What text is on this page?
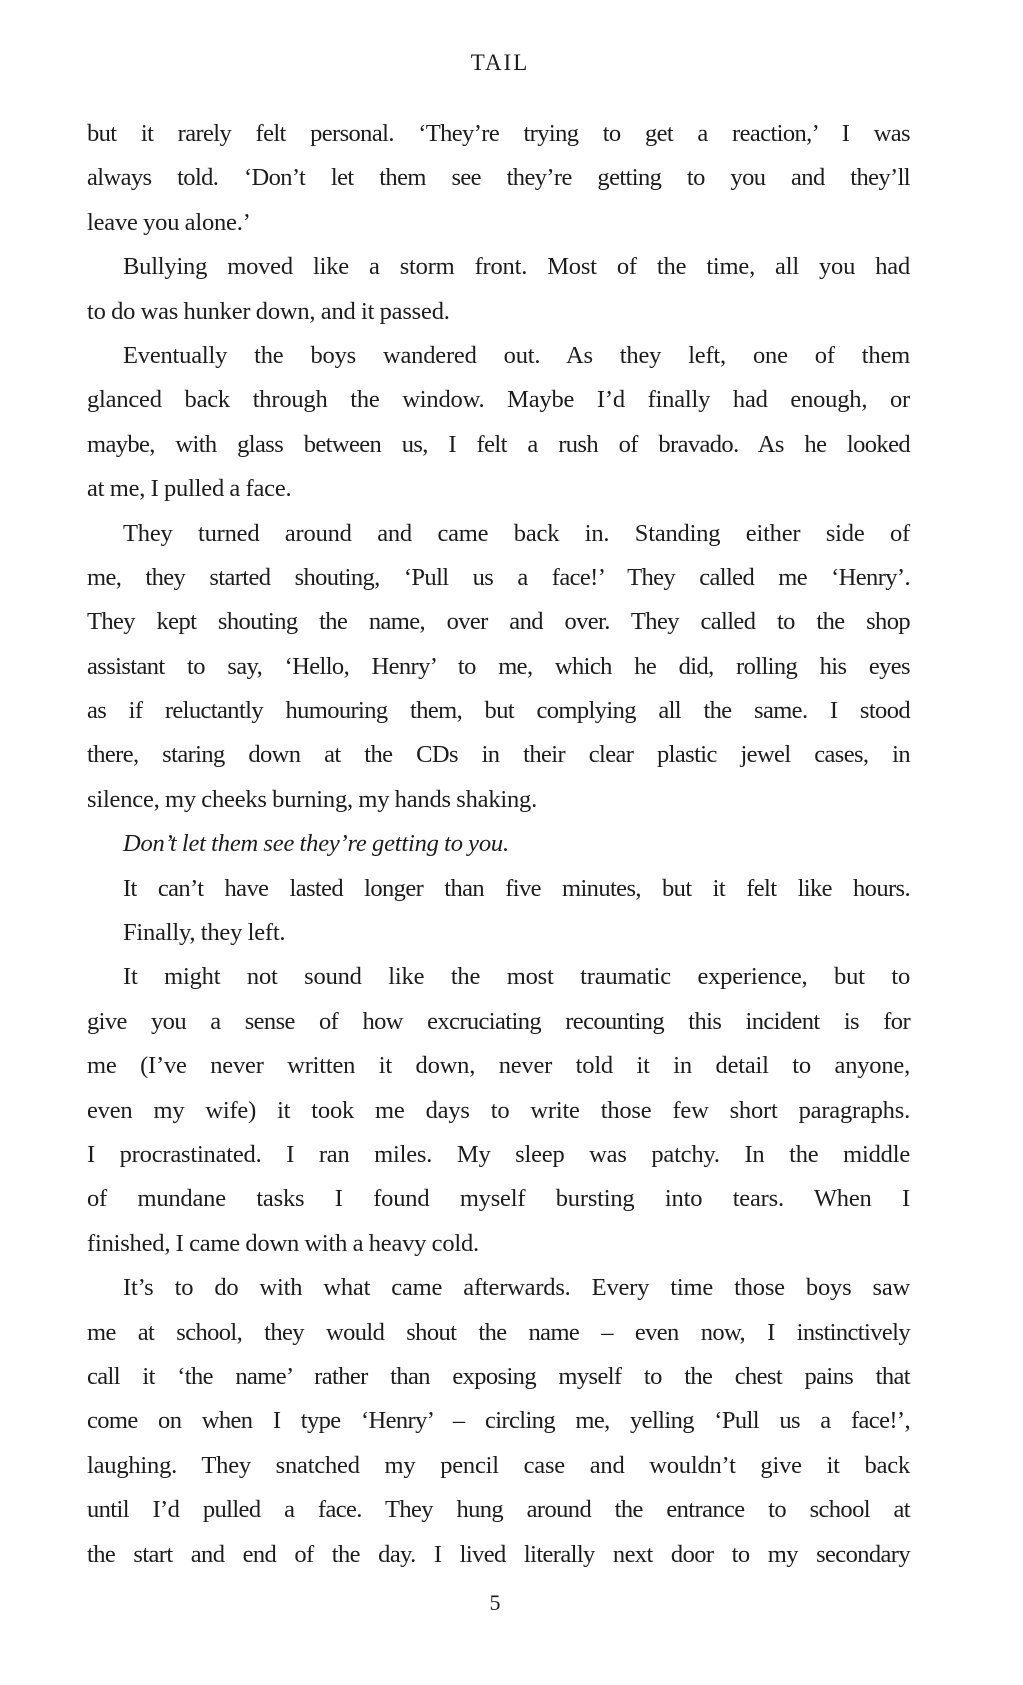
TAIL
but it rarely felt personal. ‘They’re trying to get a reaction,’ I was
always told. ‘Don’t let them see they’re getting to you and they’ll
leave you alone.’
Bullying moved like a storm front. Most of the time, all you had
to do was hunker down, and it passed.
Eventually the boys wandered out. As they left, one of them
glanced back through the window. Maybe I’d finally had enough, or
maybe, with glass between us, I felt a rush of bravado. As he looked
at me, I pulled a face.
They turned around and came back in. Standing either side of
me, they started shouting, ‘Pull us a face!’ They called me ‘Henry’.
They kept shouting the name, over and over. They called to the shop
assistant to say, ‘Hello, Henry’ to me, which he did, rolling his eyes
as if reluctantly humouring them, but complying all the same. I stood
there, staring down at the CDs in their clear plastic jewel cases, in
silence, my cheeks burning, my hands shaking.
Don’t let them see they’re getting to you.
It can’t have lasted longer than five minutes, but it felt like hours.
Finally, they left.
It might not sound like the most traumatic experience, but to
give you a sense of how excruciating recounting this incident is for
me (I’ve never written it down, never told it in detail to anyone,
even my wife) it took me days to write those few short paragraphs.
I procrastinated. I ran miles. My sleep was patchy. In the middle
of mundane tasks I found myself bursting into tears. When I
finished, I came down with a heavy cold.
It’s to do with what came afterwards. Every time those boys saw
me at school, they would shout the name – even now, I instinctively
call it ‘the name’ rather than exposing myself to the chest pains that
come on when I type ‘Henry’ – circling me, yelling ‘Pull us a face!’,
laughing. They snatched my pencil case and wouldn’t give it back
until I’d pulled a face. They hung around the entrance to school at
the start and end of the day. I lived literally next door to my secondary
5
